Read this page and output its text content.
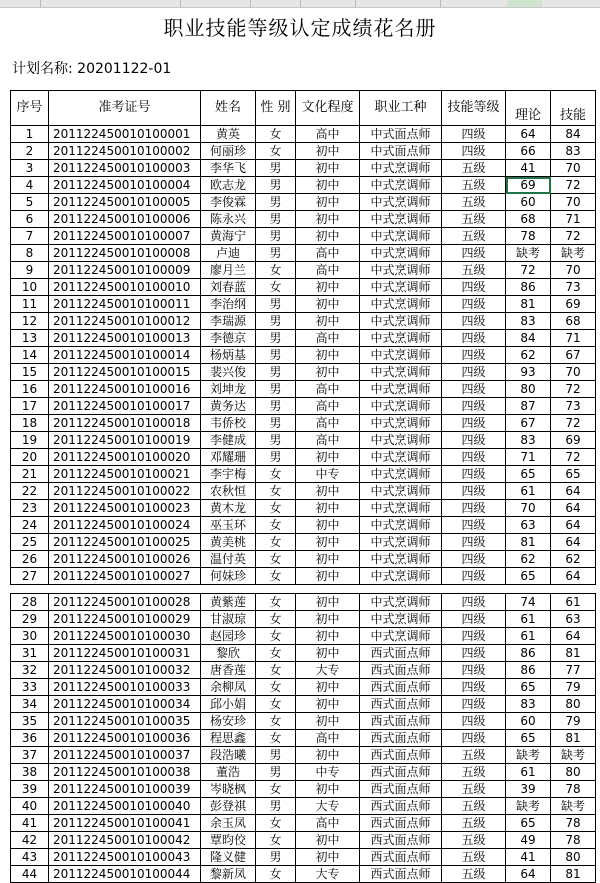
职业技能等级认定成绩花名册
计划名称: 20201122-01
序号	准考证号	姓名	性 别	文化程度	职业工种	技能等级	理论	技能
1	201122450010100001	黄英	女	高中	中式面点师	四级	64	84
2	201122450010100002	何丽珍	女	初中	中式面点师	四级	66	83
3	201122450010100003	李华飞	男	初中	中式烹调师	五级	41	70
4	201122450010100004	欧志龙	男	初中	中式烹调师	五级	69	72
5	201122450010100005	李俊霖	男	初中	中式烹调师	五级	60	70
6	201122450010100006	陈永兴	男	初中	中式烹调师	五级	68	71
7	201122450010100007	黄海宁	男	初中	中式烹调师	五级	78	72
8	201122450010100008	卢迪	男	高中	中式烹调师	四级	缺考	缺考
9	201122450010100009	廖月兰	女	高中	中式烹调师	五级	72	70
10	201122450010100010	刘春蓝	女	初中	中式烹调师	四级	86	73
11	201122450010100011	李治纲	男	初中	中式烹调师	四级	81	69
12	201122450010100012	李瑞源	男	初中	中式烹调师	四级	83	68
13	201122450010100013	李德京	男	高中	中式烹调师	四级	84	71
14	201122450010100014	杨炳基	男	初中	中式烹调师	四级	62	67
15	201122450010100015	裴兴俊	男	初中	中式烹调师	四级	93	70
16	201122450010100016	刘坤龙	男	高中	中式烹调师	四级	80	72
17	201122450010100017	黄务达	男	高中	中式烹调师	四级	87	73
18	201122450010100018	韦侨校	男	高中	中式烹调师	四级	67	72
19	201122450010100019	李健成	男	高中	中式烹调师	四级	83	69
20	201122450010100020	邓耀珊	男	初中	中式烹调师	四级	71	72
21	201122450010100021	李宇梅	女	中专	中式烹调师	四级	65	65
22	201122450010100022	农秋恒	女	初中	中式烹调师	四级	61	64
23	201122450010100023	黄木龙	女	初中	中式烹调师	四级	70	64
24	201122450010100024	巫玉环	女	初中	中式烹调师	四级	63	64
25	201122450010100025	黄美桃	女	初中	中式烹调师	四级	81	64
26	201122450010100026	温付英	女	初中	中式烹调师	四级	62	62
27	201122450010100027	何妹珍	女	初中	中式烹调师	四级	65	64

28	201122450010100028	黄紫莲	女	初中	中式烹调师	四级	74	61
29	201122450010100029	甘淑琼	女	初中	中式烹调师	四级	61	63
30	201122450010100030	赵园珍	女	初中	中式烹调师	四级	61	64
31	201122450010100031	黎欣	女	初中	西式面点师	四级	86	81
32	201122450010100032	唐香莲	女	大专	西式面点师	四级	86	77
33	201122450010100033	余柳凤	女	初中	西式面点师	四级	65	79
34	201122450010100034	邱小娟	女	初中	西式面点师	四级	83	80
35	201122450010100035	杨安珍	女	初中	西式面点师	四级	60	79
36	201122450010100036	程思鑫	女	高中	西式面点师	四级	65	81
37	201122450010100037	段浩曦	男	初中	西式面点师	五级	缺考	缺考
38	201122450010100038	董浩	男	中专	西式面点师	五级	61	80
39	201122450010100039	岑晓枫	女	初中	西式面点师	五级	39	78
40	201122450010100040	彭登祺	男	大专	西式面点师	五级	缺考	缺考
41	201122450010100041	余玉凤	女	高中	西式面点师	五级	65	78
42	201122450010100042	覃昀佼	女	初中	西式面点师	五级	49	78
43	201122450010100043	隆义健	男	初中	西式面点师	五级	41	80
44	201122450010100044	黎新凤	女	大专	西式面点师	五级	64	81
